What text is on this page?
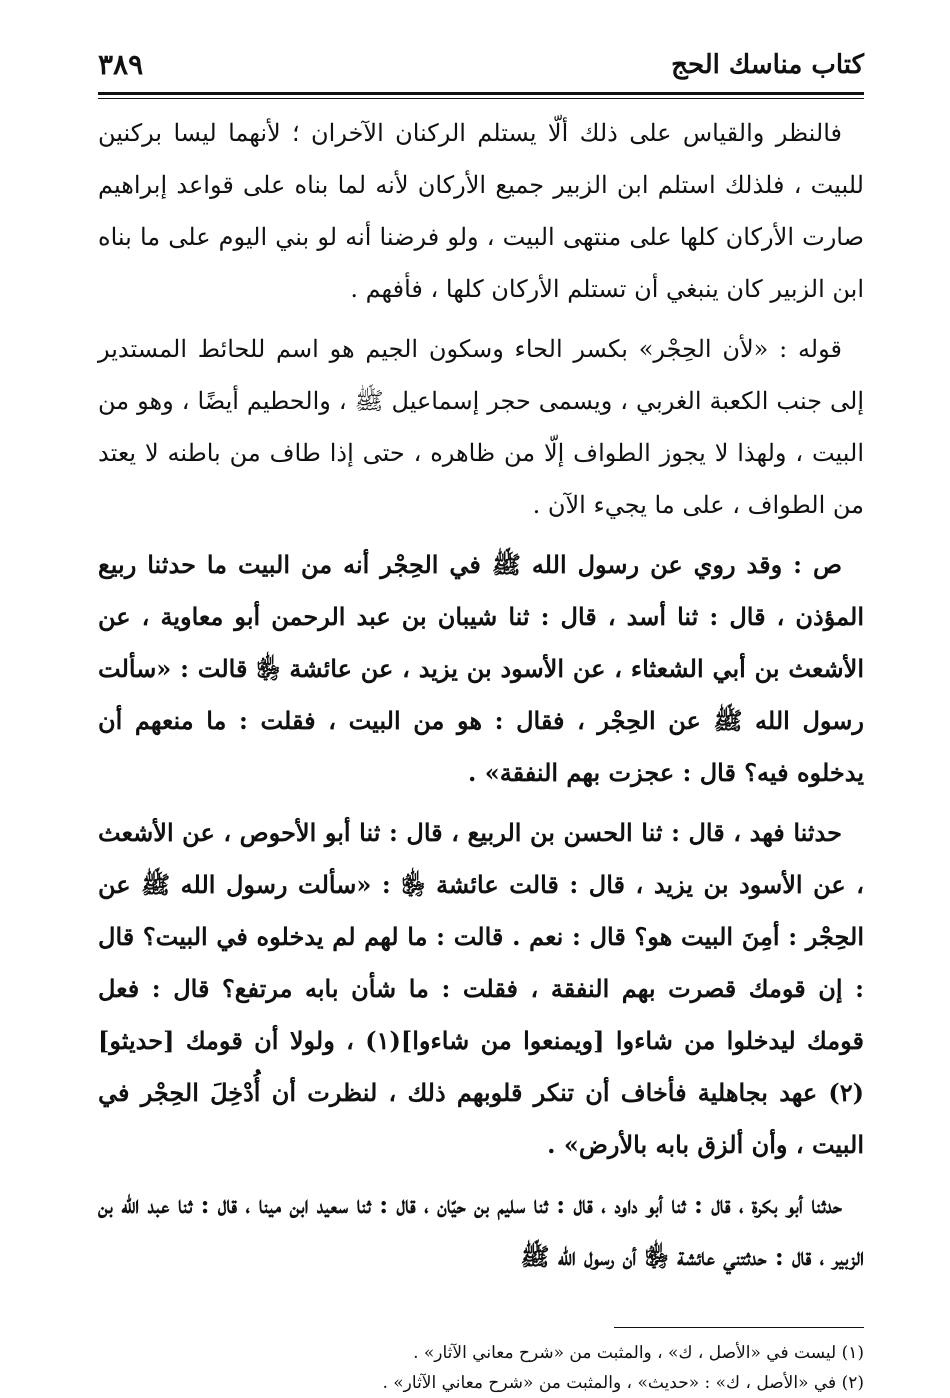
كتاب مناسك الحج
٣٨٩

فالنظر والقياس على ذلك ألّا يستلم الركنان الآخران ؛ لأنهما ليسا بركنين للبيت ، فلذلك استلم ابن الزبير جميع الأركان لأنه لما بناه على قواعد إبراهيم صارت الأركان كلها على منتهى البيت ، ولو فرضنا أنه لو بني اليوم على ما بناه ابن الزبير كان ينبغي أن تستلم الأركان كلها ، فأفهم .

قوله : «لأن الحِجْر» بكسر الحاء وسكون الجيم هو اسم للحائط المستدير إلى جنب الكعبة الغربي ، ويسمى حجر إسماعيل ﷺ ، والحطيم أيضًا ، وهو من البيت ، ولهذا لا يجوز الطواف إلّا من ظاهره ، حتى إذا طاف من باطنه لا يعتد من الطواف ، على ما يجيء الآن .

ص : وقد روي عن رسول الله ﷺ في الحِجْر أنه من البيت ما حدثنا ربيع المؤذن ، قال : ثنا أسد ، قال : ثنا شيبان بن عبد الرحمن أبو معاوية ، عن الأشعث بن أبي الشعثاء ، عن الأسود بن يزيد ، عن عائشة ﵂ قالت : «سألت رسول الله ﷺ عن الحِجْر ، فقال : هو من البيت ، فقلت : ما منعهم أن يدخلوه فيه؟ قال : عجزت بهم النفقة» .

حدثنا فهد ، قال : ثنا الحسن بن الربيع ، قال : ثنا أبو الأحوص ، عن الأشعث ، عن الأسود بن يزيد ، قال : قالت عائشة ﵂ : «سألت رسول الله ﷺ عن الحِجْر : أمِنَ البيت هو؟ قال : نعم . قالت : ما لهم لم يدخلوه في البيت؟ قال : إن قومك قصرت بهم النفقة ، فقلت : ما شأن بابه مرتفع؟ قال : فعل قومك ليدخلوا من شاءوا [ويمنعوا من شاءوا](١) ، ولولا أن قومك [حديثو](٢) عهد بجاهلية فأخاف أن تنكر قلوبهم ذلك ، لنظرت أن أُدْخِلَ الحِجْر في البيت ، وأن ألزق بابه بالأرض» .

حدثنا أبو بكرة ، قال : ثنا أبو داود ، قال : ثنا سليم بن حيّان ، قال : ثنا سعيد ابن مينا ، قال : ثنا عبد الله بن الزبير ، قال : حدثتني عائشة ﵂ أن رسول الله ﷺ

(١) ليست في «الأصل ، ك» ، والمثبت من «شرح معاني الآثار» .

(٢) في «الأصل ، ك» : «حديث» ، والمثبت من «شرح معاني الآثار» .
